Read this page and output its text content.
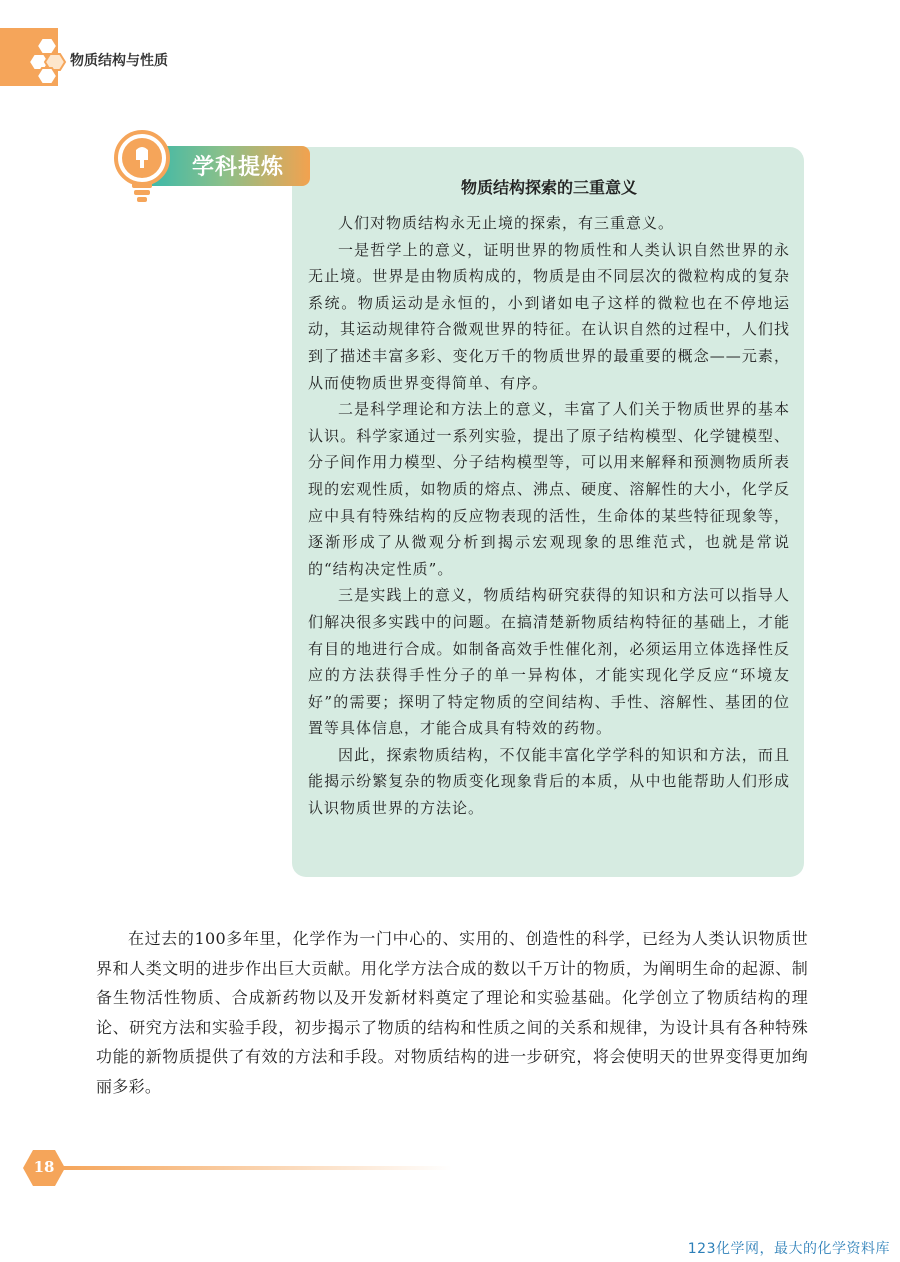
物质结构与性质
物质结构探索的三重意义

人们对物质结构永无止境的探索，有三重意义。

一是哲学上的意义，证明世界的物质性和人类认识自然世界的永无止境。世界是由物质构成的，物质是由不同层次的微粒构成的复杂系统。物质运动是永恒的，小到诸如电子这样的微粒也在不停地运动，其运动规律符合微观世界的特征。在认识自然的过程中，人们找到了描述丰富多彩、变化万千的物质世界的最重要的概念——元素，从而使物质世界变得简单、有序。

二是科学理论和方法上的意义，丰富了人们关于物质世界的基本认识。科学家通过一系列实验，提出了原子结构模型、化学键模型、分子间作用力模型、分子结构模型等，可以用来解释和预测物质所表现的宏观性质，如物质的熔点、沸点、硬度、溶解性的大小，化学反应中具有特殊结构的反应物表现的活性，生命体的某些特征现象等，逐渐形成了从微观分析到揭示宏观现象的思维范式，也就是常说的“结构决定性质”。

三是实践上的意义，物质结构研究获得的知识和方法可以指导人们解决很多实践中的问题。在搞清楚新物质结构特征的基础上，才能有目的地进行合成。如制备高效手性催化剂，必须运用立体选择性反应的方法获得手性分子的单一异构体，才能实现化学反应“环境友好”的需要；探明了特定物质的空间结构、手性、溶解性、基团的位置等具体信息，才能合成具有特效的药物。

因此，探索物质结构，不仅能丰富化学学科的知识和方法，而且能揭示纷繁复杂的物质变化现象背后的本质，从中也能帮助人们形成认识物质世界的方法论。

学科提炼

在过去的100多年里，化学作为一门中心的、实用的、创造性的科学，已经为人类认识物质世界和人类文明的进步作出巨大贡献。用化学方法合成的数以千万计的物质，为阐明生命的起源、制备生物活性物质、合成新药物以及开发新材料奠定了理论和实验基础。化学创立了物质结构的理论、研究方法和实验手段，初步揭示了物质的结构和性质之间的关系和规律，为设计具有各种特殊功能的新物质提供了有效的方法和手段。对物质结构的进一步研究，将会使明天的世界变得更加绚丽多彩。

18
123化学网，最大的化学资料库
